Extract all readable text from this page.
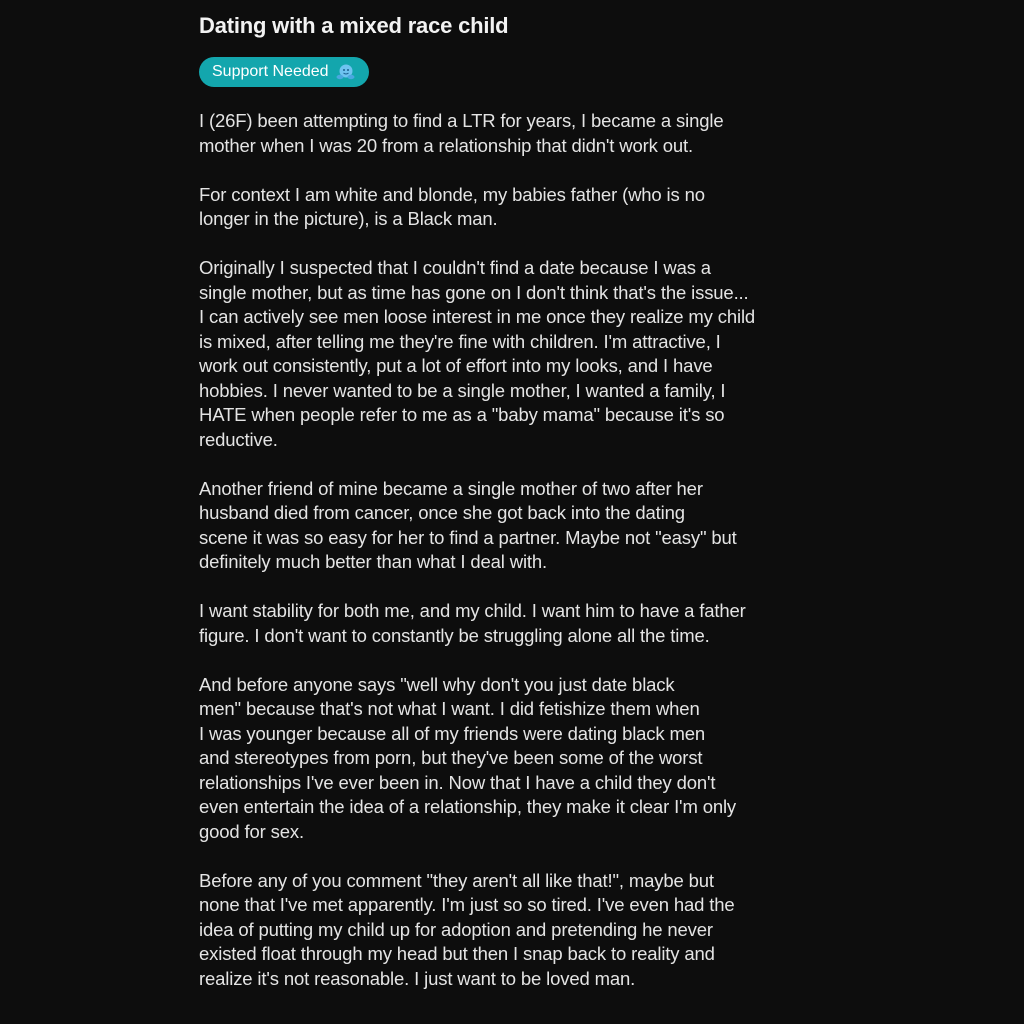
Dating with a mixed race child
Support Needed

I (26F) been attempting to find a LTR for years, I became a single
mother when I was 20 from a relationship that didn't work out.

For context I am white and blonde, my babies father (who is no
longer in the picture), is a Black man.

Originally I suspected that I couldn't find a date because I was a
single mother, but as time has gone on I don't think that's the issue...
I can actively see men loose interest in me once they realize my child
is mixed, after telling me they're fine with children. I'm attractive, I
work out consistently, put a lot of effort into my looks, and I have
hobbies. I never wanted to be a single mother, I wanted a family, I
HATE when people refer to me as a "baby mama" because it's so
reductive.

Another friend of mine became a single mother of two after her
husband died from cancer, once she got back into the dating
scene it was so easy for her to find a partner. Maybe not "easy" but
definitely much better than what I deal with.

I want stability for both me, and my child. I want him to have a father
figure. I don't want to constantly be struggling alone all the time.

And before anyone says "well why don't you just date black
men" because that's not what I want. I did fetishize them when
I was younger because all of my friends were dating black men
and stereotypes from porn, but they've been some of the worst
relationships I've ever been in. Now that I have a child they don't
even entertain the idea of a relationship, they make it clear I'm only
good for sex.

Before any of you comment "they aren't all like that!", maybe but
none that I've met apparently. I'm just so so tired. I've even had the
idea of putting my child up for adoption and pretending he never
existed float through my head but then I snap back to reality and
realize it's not reasonable. I just want to be loved man.
